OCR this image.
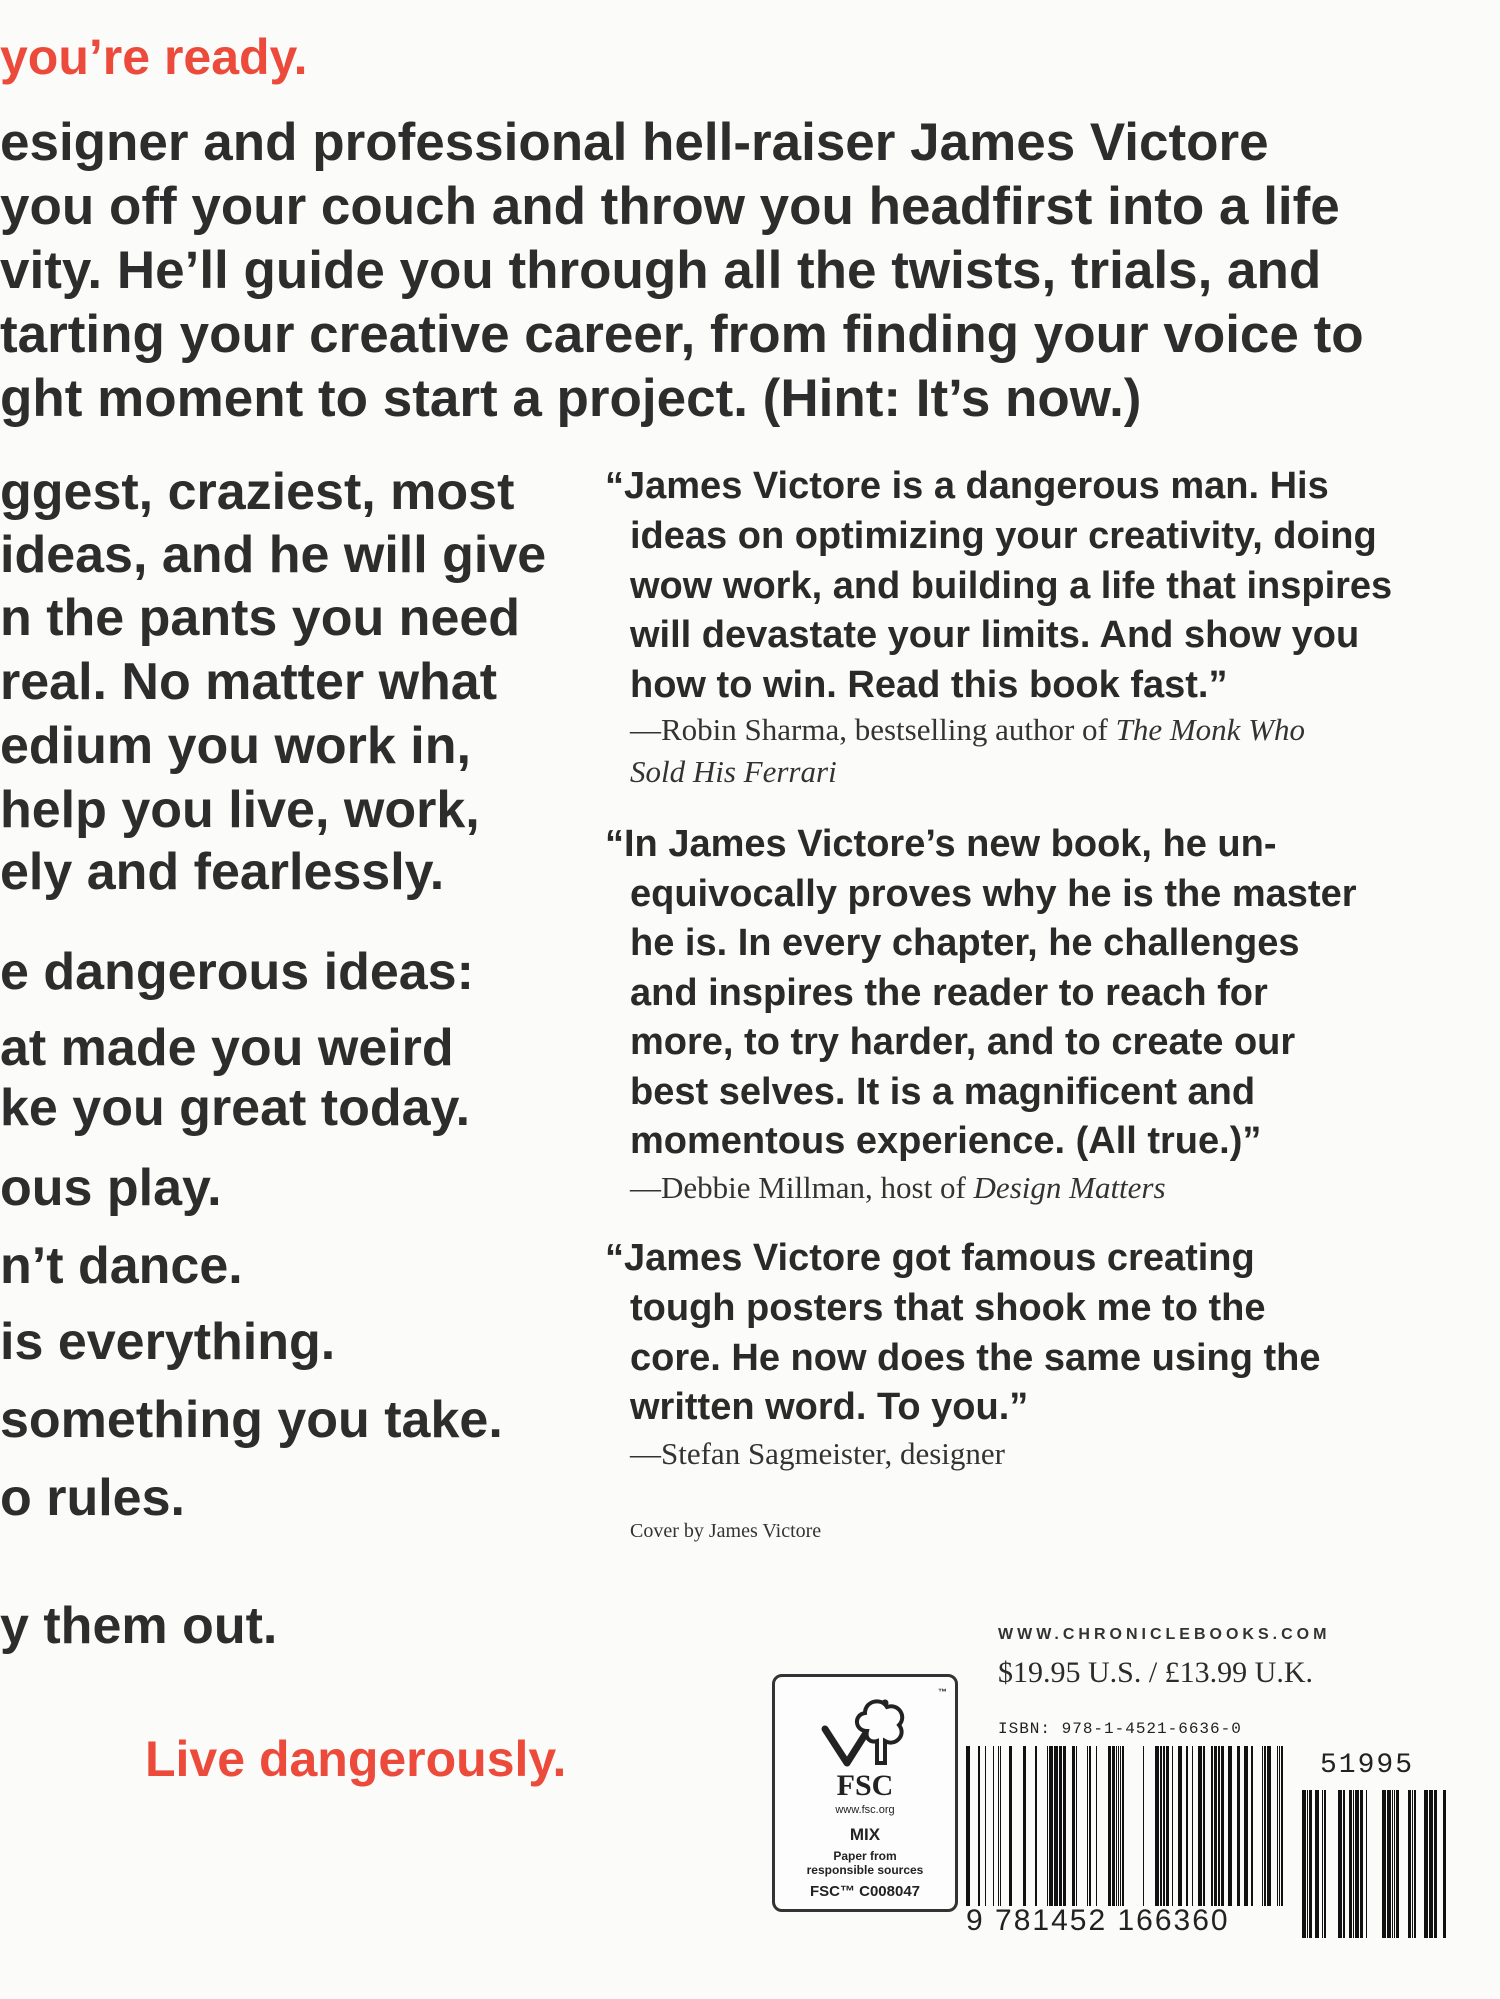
you’re ready.
esigner and professional hell-raiser James Victore
you off your couch and throw you headfirst into a life
vity. He’ll guide you through all the twists, trials, and
tarting your creative career, from finding your voice to
ght moment to start a project. (Hint: It’s now.)
ggest, craziest, most
ideas, and he will give
n the pants you need
real. No matter what
edium you work in,
help you live, work,
ely and fearlessly.
e dangerous ideas:
at made you weird
ke you great today.
ous play.
n’t dance.
is everything.
something you take.
o rules.
y them out.
Live dangerously.
“James Victore is a dangerous man. His
ideas on optimizing your creativity, doing
wow work, and building a life that inspires
will devastate your limits. And show you
how to win. Read this book fast.”
—Robin Sharma, bestselling author of The Monk Who
Sold His Ferrari
“In James Victore’s new book, he un-
equivocally proves why he is the master
he is. In every chapter, he challenges
and inspires the reader to reach for
more, to try harder, and to create our
best selves. It is a magnificent and
momentous experience. (All true.)”
—Debbie Millman, host of Design Matters
“James Victore got famous creating
tough posters that shook me to the
core. He now does the same using the
written word. To you.”
—Stefan Sagmeister, designer
Cover by James Victore
WWW.CHRONICLEBOOKS.COM
$19.95 U.S. / £13.99 U.K.
™
FSC
www.fsc.org
MIX
Paper from
responsible sources
FSC™ C008047
ISBN: 978-1-4521-6636-0
9 781452 166360
51995
